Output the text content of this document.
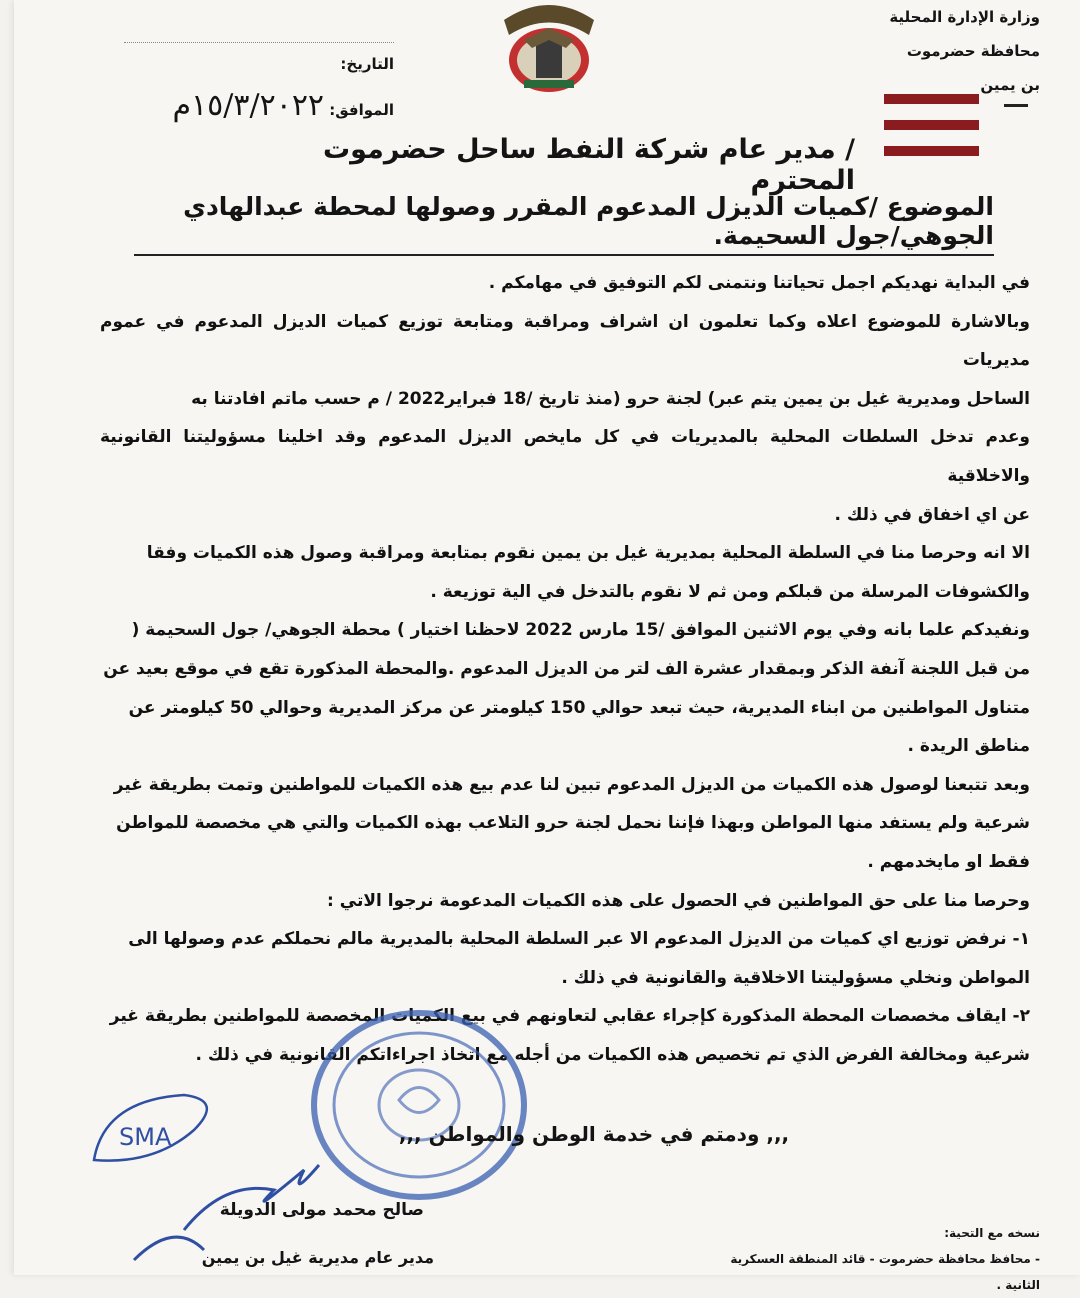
وزارة الإدارة المحلية
محافظة حضرموت
بن يمين

التاريخ:
الموافق: ١٥/٣/٢٠٢٢م
/ مدير عام شركة النفط ساحل حضرموت المحترم
الموضوع /كميات الديزل المدعوم المقرر وصولها لمحطة عبدالهادي الجوهي/جول السحيمة.

في البداية نهديكم اجمل تحياتنا ونتمنى لكم التوفيق في مهامكم .

وبالاشارة للموضوع اعلاه وكما تعلمون ان اشراف ومراقبة ومتابعة توزيع كميات الديزل المدعوم في عموم مديريات

الساحل ومديرية غيل بن يمين يتم عبر) لجنة حرو (منذ تاريخ /18 فبراير2022 / م حسب ماتم افادتنا به

وعدم تدخل السلطات المحلية بالمديريات في كل مايخص الديزل المدعوم وقد اخلينا مسؤوليتنا القانونية والاخلاقية

عن اي اخفاق في ذلك .

الا انه وحرصا منا في السلطة المحلية بمديرية غيل بن يمين نقوم بمتابعة ومراقبة وصول هذه الكميات وفقا

والكشوفات المرسلة من قبلكم ومن ثم لا نقوم بالتدخل في الية توزيعة .

ونفيدكم علما بانه وفي يوم الاثنين الموافق /15 مارس 2022 لاحظنا اختيار ) محطة الجوهي/ جول السحيمة (

من قبل اللجنة آنفة الذكر وبمقدار عشرة الف لتر من الديزل المدعوم .والمحطة المذكورة تقع في موقع بعيد عن

متناول المواطنين من ابناء المديرية، حيث تبعد حوالي 150 كيلومتر عن مركز المديرية وحوالي 50 كيلومتر عن

مناطق الريدة .

وبعد تتبعنا لوصول هذه الكميات من الديزل المدعوم تبين لنا عدم بيع هذه الكميات للمواطنين وتمت بطريقة غير

شرعية ولم يستفد منها المواطن وبهذا فإننا نحمل لجنة حرو التلاعب بهذه الكميات والتي هي مخصصة للمواطن

فقط او مايخدمهم .

وحرصا منا على حق المواطنين في الحصول على هذه الكميات المدعومة نرجوا الاتي :

١- نرفض توزيع اي كميات من الديزل المدعوم الا عبر السلطة المحلية بالمديرية مالم نحملكم عدم وصولها الى

المواطن ونخلي مسؤوليتنا الاخلاقية والقانونية في ذلك .

٢- ايقاف مخصصات المحطة المذكورة كإجراء عقابي لتعاونهم في بيع الكميات المخصصة للمواطنين بطريقة غير

شرعية ومخالفة الفرض الذي تم تخصيص هذه الكميات من أجله مع اتخاذ اجراءاتكم القانونية في ذلك .

,,, ودمتم في خدمة الوطن والمواطن ,,,
SMA
صالح محمد مولى الدويلة
مدير عام مديرية غيل بن يمين
نسخه مع التحية:
- محافظ محافظة حضرموت - قائد المنطقة العسكرية الثانية .
